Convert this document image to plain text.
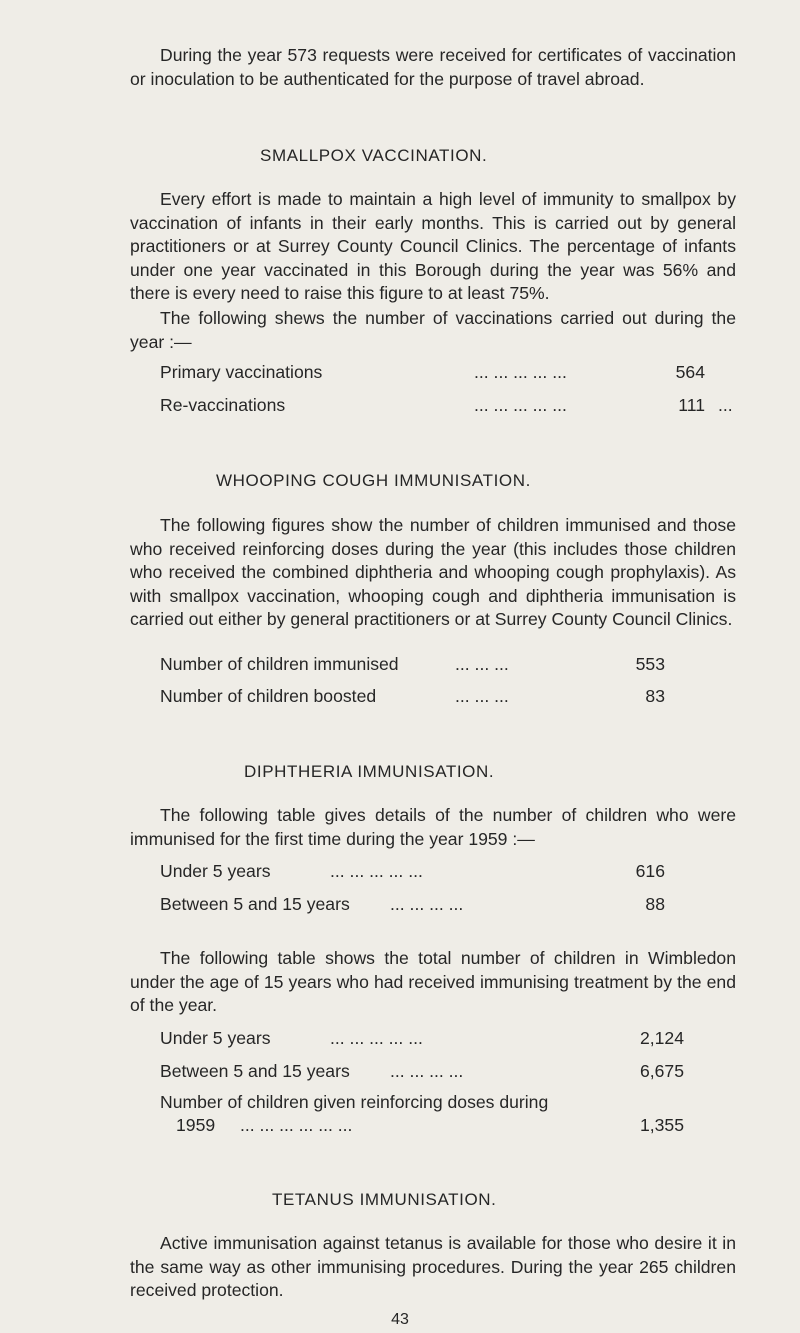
During the year 573 requests were received for certificates of vaccination or inoculation to be authenticated for the purpose of travel abroad.

SMALLPOX VACCINATION.

Every effort is made to maintain a high level of immunity to smallpox by vaccination of infants in their early months. This is carried out by general practitioners or at Surrey County Council Clinics. The percentage of infants under one year vaccinated in this Borough during the year was 56% and there is every need to raise this figure to at least 75%.

The following shews the number of vaccinations carried out during the year :—

Primary vaccinations	... ... ... ... ...	564
Re-vaccinations	... ... ... ... ...	111 ...

WHOOPING COUGH IMMUNISATION.

The following figures show the number of children immunised and those who received reinforcing doses during the year (this includes those children who received the combined diphtheria and whooping cough prophylaxis). As with smallpox vaccination, whooping cough and diphtheria immunisation is carried out either by general practitioners or at Surrey County Council Clinics.

Number of children immunised	... ... ...	553
Number of children boosted	... ... ...	83

DIPHTHERIA IMMUNISATION.

The following table gives details of the number of children who were immunised for the first time during the year 1959 :—

Under 5 years	... ... ... ... ...	616
Between 5 and 15 years ... ... ... ...	88

The following table shows the total number of children in Wimbledon under the age of 15 years who had received immunising treatment by the end of the year.

Under 5 years	... ... ... ... ...	2,124
Between 5 and 15 years ... ... ... ...	6,675
Number of children given reinforcing doses during
1959 ... ... ... ... ... ...	1,355

TETANUS IMMUNISATION.

Active immunisation against tetanus is available for those who desire it in the same way as other immunising procedures. During the year 265 children received protection.

43
